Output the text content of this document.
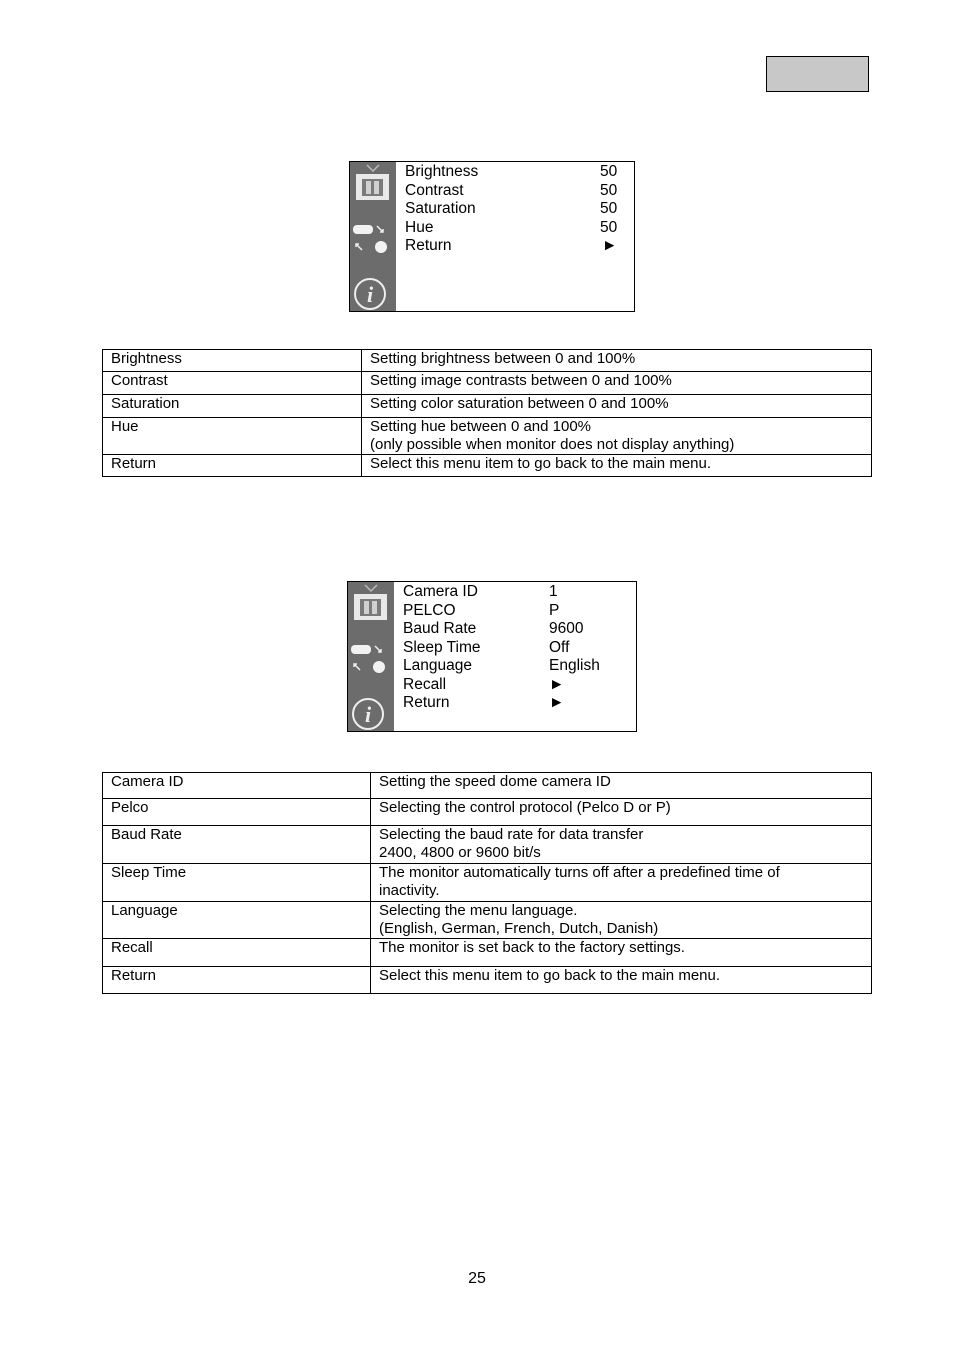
i
Brightness	50
Contrast	50
Saturation	50
Hue	50
Return	►
Brightness	Setting brightness between 0 and 100%
Contrast	Setting image contrasts between 0 and 100%
Saturation	Setting color saturation between 0 and 100%
Hue	Setting hue between 0 and 100%
(only possible when monitor does not display anything)
Return	Select this menu item to go back to the main menu.
i
Camera ID	1
PELCO	P
Baud Rate	9600
Sleep Time	Off
Language	English
Recall	►
Return	►
Camera ID	Setting the speed dome camera ID
Pelco	Selecting the control protocol (Pelco D or P)
Baud Rate	Selecting the baud rate for data transfer
2400, 4800 or 9600 bit/s
Sleep Time	The monitor automatically turns off after a predefined time of
inactivity.
Language	Selecting the menu language.
(English, German, French, Dutch, Danish)
Recall	The monitor is set back to the factory settings.
Return	Select this menu item to go back to the main menu.
25
